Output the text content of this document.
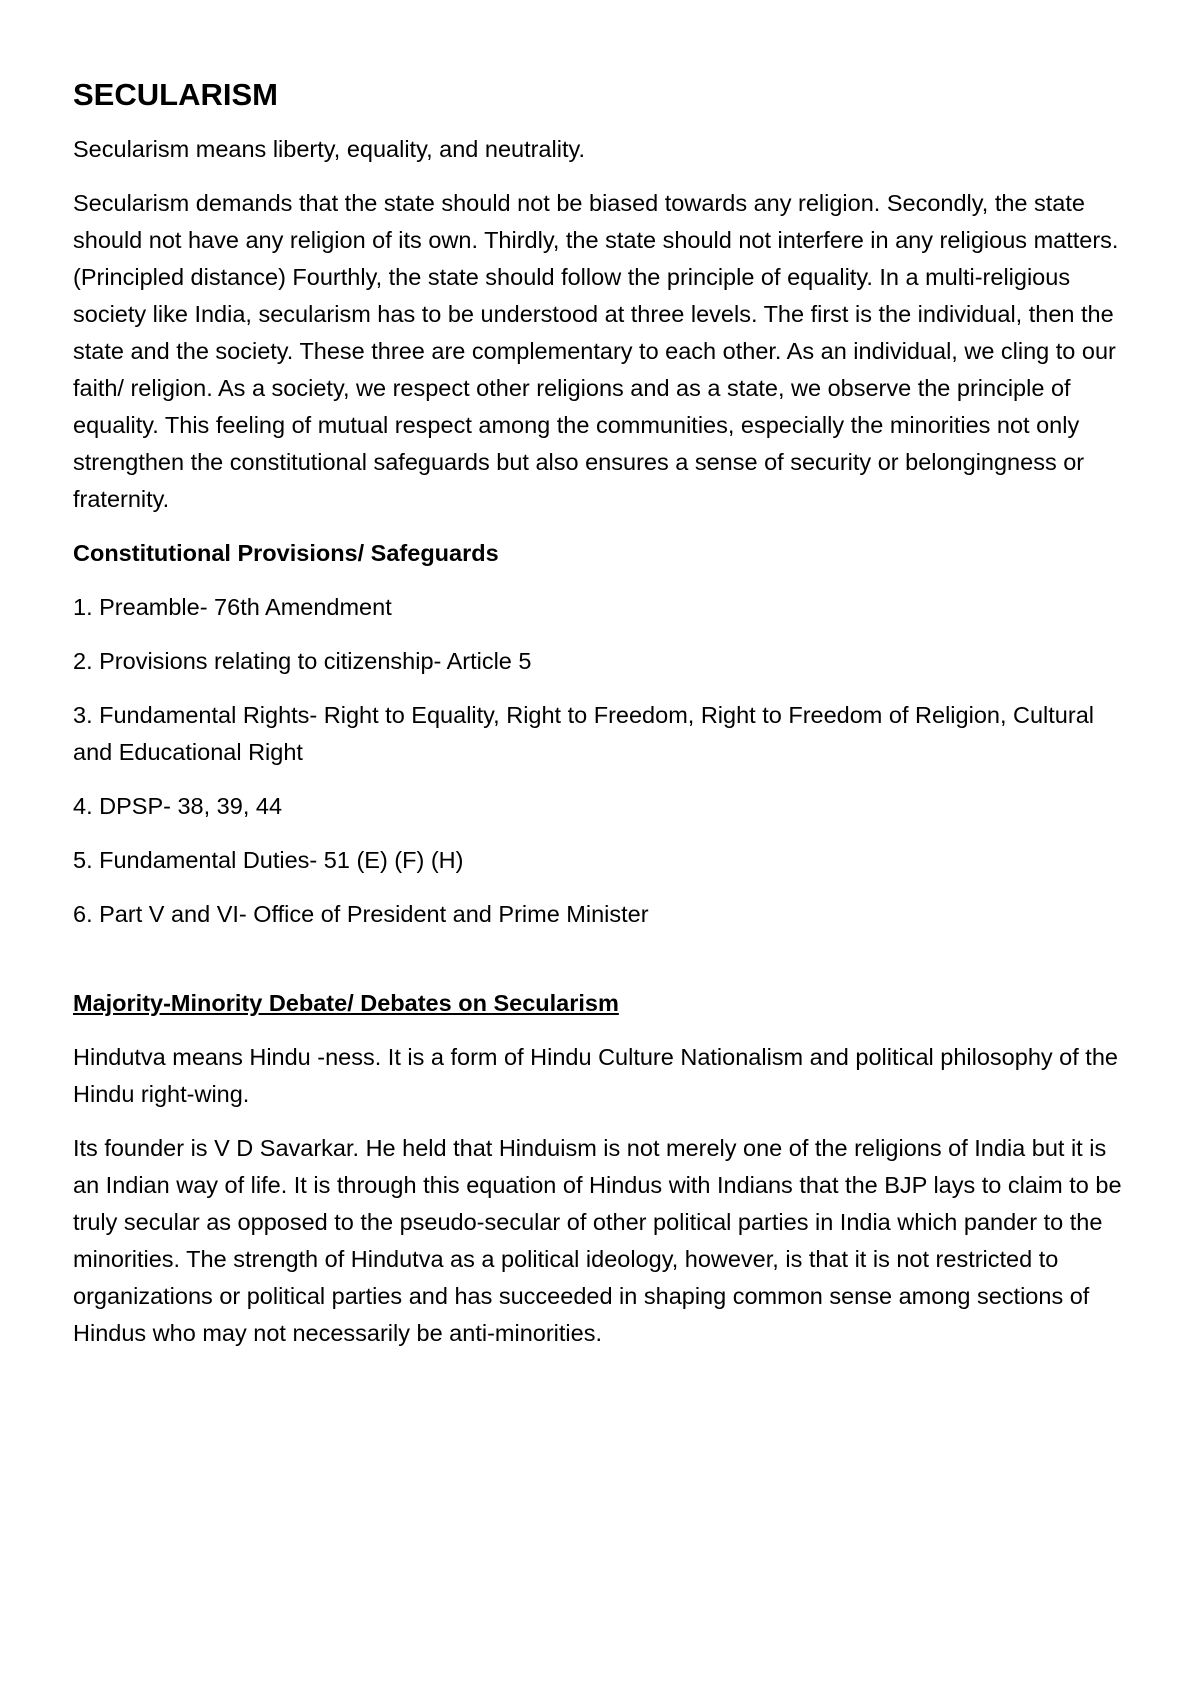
SECULARISM

Secularism means liberty, equality, and neutrality.

Secularism demands that the state should not be biased towards any religion. Secondly, the state should not have any religion of its own. Thirdly, the state should not interfere in any religious matters. (Principled distance) Fourthly, the state should follow the principle of equality. In a multi-religious society like India, secularism has to be understood at three levels. The first is the individual, then the state and the society. These three are complementary to each other. As an individual, we cling to our faith/ religion. As a society, we respect other religions and as a state, we observe the principle of equality. This feeling of mutual respect among the communities, especially the minorities not only strengthen the constitutional safeguards but also ensures a sense of security or belongingness or fraternity.

Constitutional Provisions/ Safeguards
1. Preamble- 76th Amendment
2. Provisions relating to citizenship- Article 5
3. Fundamental Rights- Right to Equality, Right to Freedom, Right to Freedom of Religion, Cultural and Educational Right
4. DPSP- 38, 39, 44
5. Fundamental Duties- 51 (E) (F) (H)
6. Part V and VI- Office of President and Prime Minister
Majority-Minority Debate/ Debates on Secularism

Hindutva means Hindu -ness. It is a form of Hindu Culture Nationalism and political philosophy of the Hindu right-wing.

Its founder is V D Savarkar. He held that Hinduism is not merely one of the religions of India but it is an Indian way of life. It is through this equation of Hindus with Indians that the BJP lays to claim to be truly secular as opposed to the pseudo-secular of other political parties in India which pander to the minorities. The strength of Hindutva as a political ideology, however, is that it is not restricted to organizations or political parties and has succeeded in shaping common sense among sections of Hindus who may not necessarily be anti-minorities.
